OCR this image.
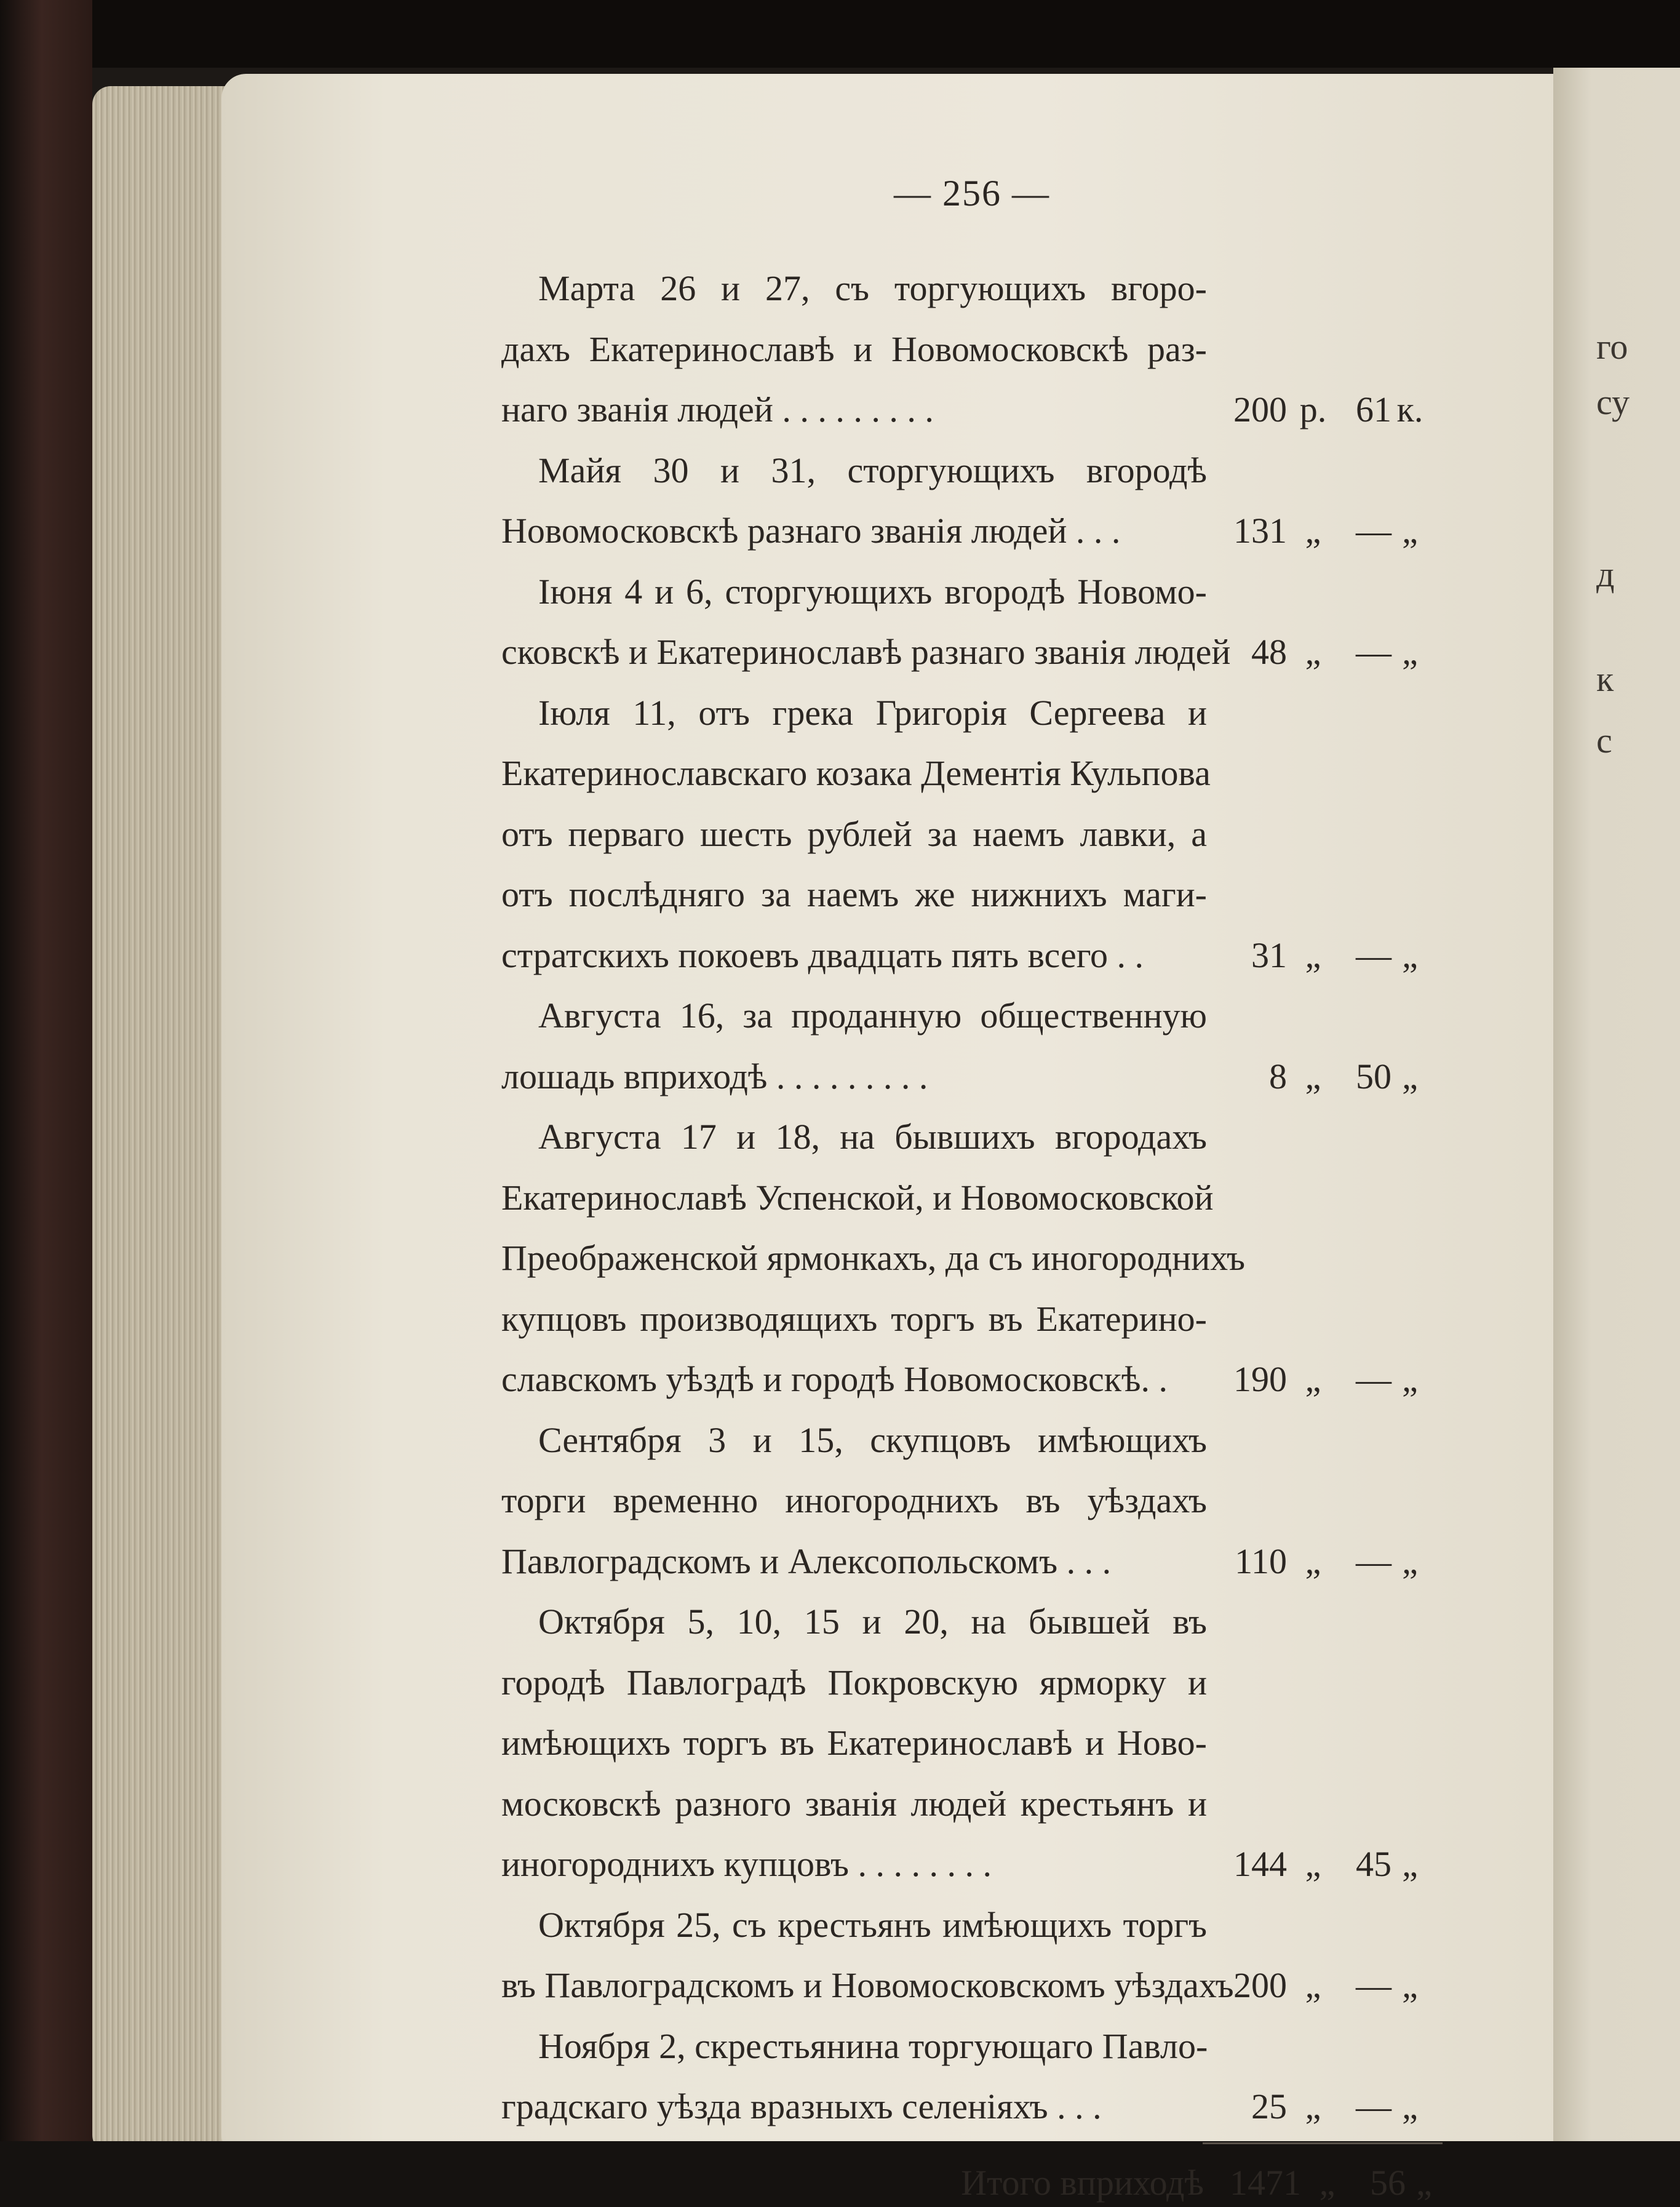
го
су
д
к
с
— 256 —
Марта 26 и 27, съ торгующихъ вгоро-
дахъ Екатеринославѣ и Новомосковскѣ раз-
наго званія людей . . . . . . . . .	200 р. 61 к.
Майя 30 и 31, сторгующихъ вгородѣ
Новомосковскѣ разнаго званія людей . . .	131 „ — „
Іюня 4 и 6, сторгующихъ вгородѣ Новомо-
сковскѣ и Екатеринославѣ разнаго званія людей 48 „ — „
Іюля 11, отъ грека Григорія Сергеева и
Екатеринославскаго козака Дементія Кульпова
отъ перваго шесть рублей за наемъ лавки, а
отъ послѣдняго за наемъ же нижнихъ маги-
стратскихъ покоевъ двадцать пять всего . .	31 „ — „
Августа 16, за проданную общественную
лошадь вприходѣ . . . . . . . . .	8 „ 50 „
Августа 17 и 18, на бывшихъ вгородахъ
Екатеринославѣ Успенской, и Новомосковской
Преображенской ярмонкахъ, да съ иногороднихъ
купцовъ производящихъ торгъ въ Екатерино-
славскомъ уѣздѣ и городѣ Новомосковскѣ. .	190 „ — „
Сентября 3 и 15, скупцовъ имѣющихъ
торги временно иногороднихъ въ уѣздахъ
Павлоградскомъ и Алексопольскомъ . . .	110 „ — „
Октября 5, 10, 15 и 20, на бывшей въ
городѣ Павлоградѣ Покровскую ярморку и
имѣющихъ торгъ въ Екатеринославѣ и Ново-
московскѣ разного званія людей крестьянъ и
иногороднихъ купцовъ . . . . . . . .	144 „ 45 „
Октября 25, съ крестьянъ имѣющихъ торгъ
въ Павлоградскомъ и Новомосковскомъ уѣздахъ 200 „ — „
Ноября 2, скрестьянина торгующаго Павло-
градскаго уѣзда вразныхъ селеніяхъ . . .	25 „ — „
Итого вприходѣ 1471 „ 56 „
